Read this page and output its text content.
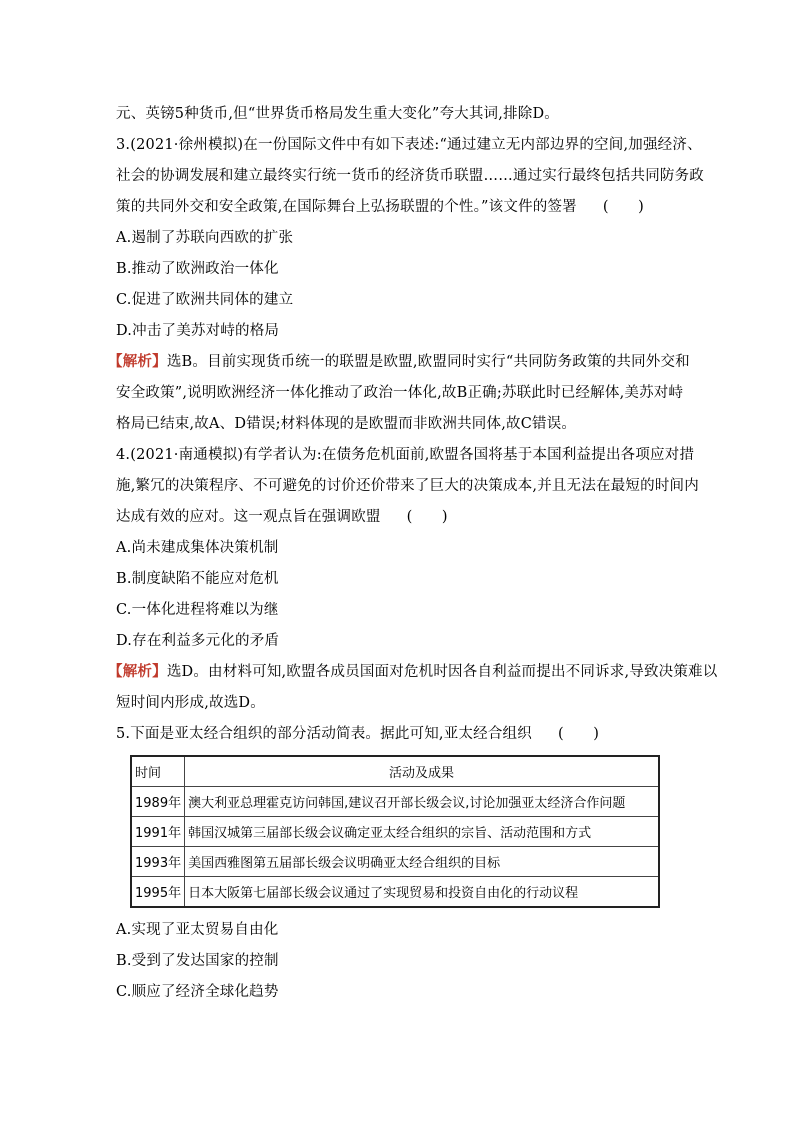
元、英镑5种货币,但“世界货币格局发生重大变化”夸大其词,排除D。
3.(2021·徐州模拟)在一份国际文件中有如下表述:“通过建立无内部边界的空间,加强经济、
社会的协调发展和建立最终实行统一货币的经济货币联盟……通过实行最终包括共同防务政
策的共同外交和安全政策,在国际舞台上弘扬联盟的个性。”该文件的签署 (　　)
A.遏制了苏联向西欧的扩张
B.推动了欧洲政治一体化
C.促进了欧洲共同体的建立
D.冲击了美苏对峙的格局
【解析】选B。目前实现货币统一的联盟是欧盟,欧盟同时实行“共同防务政策的共同外交和
安全政策”,说明欧洲经济一体化推动了政治一体化,故B正确;苏联此时已经解体,美苏对峙
格局已结束,故A、D错误;材料体现的是欧盟而非欧洲共同体,故C错误。
4.(2021·南通模拟)有学者认为:在债务危机面前,欧盟各国将基于本国利益提出各项应对措
施,繁冗的决策程序、不可避免的讨价还价带来了巨大的决策成本,并且无法在最短的时间内
达成有效的应对。这一观点旨在强调欧盟 (　　)
A.尚未建成集体决策机制
B.制度缺陷不能应对危机
C.一体化进程将难以为继
D.存在利益多元化的矛盾
【解析】选D。由材料可知,欧盟各成员国面对危机时因各自利益而提出不同诉求,导致决策难以
短时间内形成,故选D。
5.下面是亚太经合组织的部分活动简表。据此可知,亚太经合组织 (　　)
时间	活动及成果
1989年	澳大利亚总理霍克访问韩国,建议召开部长级会议,讨论加强亚太经济合作问题
1991年	韩国汉城第三届部长级会议确定亚太经合组织的宗旨、活动范围和方式
1993年	美国西雅图第五届部长级会议明确亚太经合组织的目标
1995年	日本大阪第七届部长级会议通过了实现贸易和投资自由化的行动议程
A.实现了亚太贸易自由化
B.受到了发达国家的控制
C.顺应了经济全球化趋势
